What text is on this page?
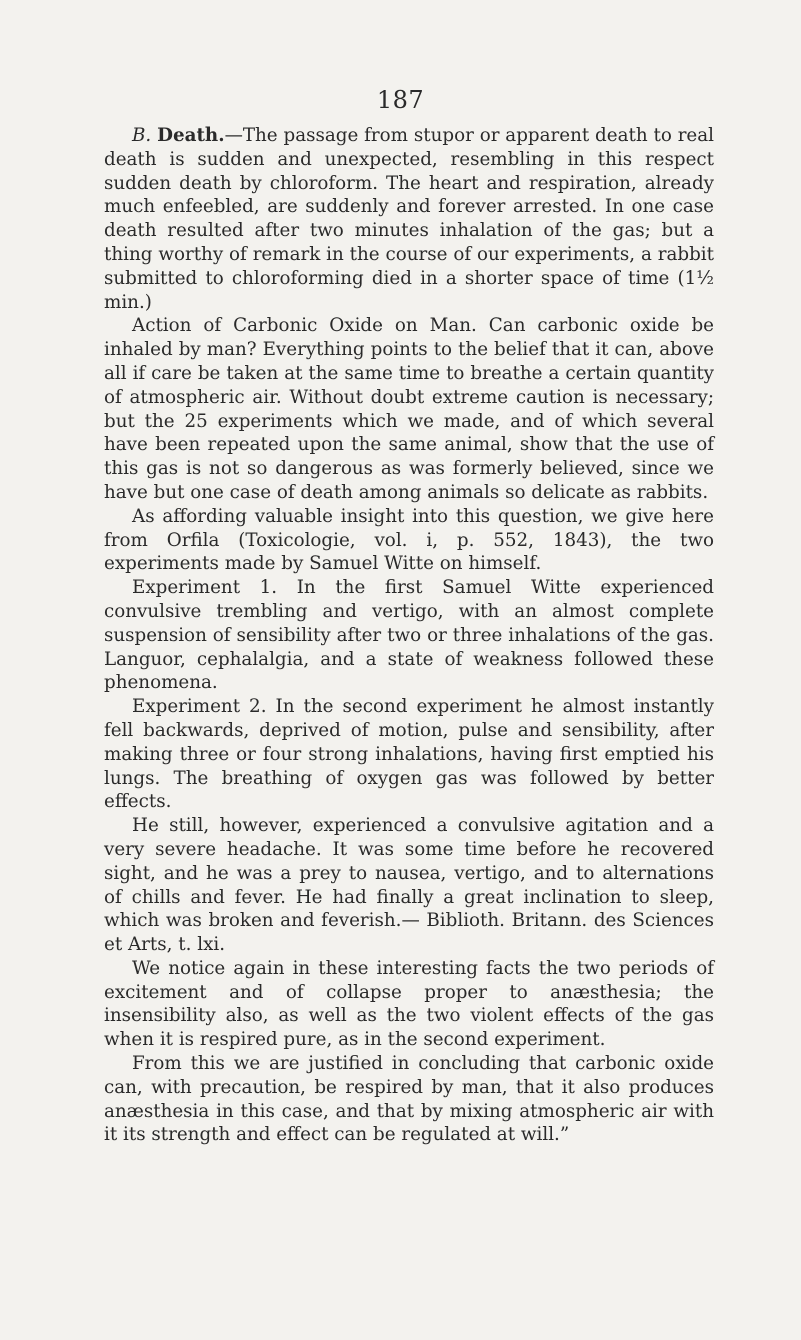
187

B. Death.—The passage from stupor or apparent death to real death is sudden and unexpected, resembling in this respect sudden death by chloroform. The heart and respiration, already much enfeebled, are suddenly and forever arrested. In one case death resulted after two minutes inhalation of the gas; but a thing worthy of remark in the course of our experiments, a rabbit submitted to chloroforming died in a shorter space of time (1½ min.)

Action of Carbonic Oxide on Man. Can carbonic oxide be inhaled by man? Everything points to the belief that it can, above all if care be taken at the same time to breathe a certain quantity of atmospheric air. Without doubt extreme caution is necessary; but the 25 experiments which we made, and of which several have been repeated upon the same animal, show that the use of this gas is not so dangerous as was formerly believed, since we have but one case of death among animals so delicate as rabbits.

As affording valuable insight into this question, we give here from Orfila (Toxicologie, vol. i, p. 552, 1843), the two experiments made by Samuel Witte on himself.

Experiment 1. In the first Samuel Witte experienced convulsive trembling and vertigo, with an almost complete suspension of sensibility after two or three inhalations of the gas. Languor, cephalalgia, and a state of weakness followed these phenomena.

Experiment 2. In the second experiment he almost instantly fell backwards, deprived of motion, pulse and sensibility, after making three or four strong inhalations, having first emptied his lungs. The breathing of oxygen gas was followed by better effects.

He still, however, experienced a convulsive agitation and a very severe headache. It was some time before he recovered sight, and he was a prey to nausea, vertigo, and to alternations of chills and fever. He had finally a great inclination to sleep, which was broken and feverish.— Biblioth. Britann. des Sciences et Arts, t. lxi.

We notice again in these interesting facts the two periods of excitement and of collapse proper to anæsthesia; the insensibility also, as well as the two violent effects of the gas when it is respired pure, as in the second experiment.

From this we are justified in concluding that carbonic oxide can, with precaution, be respired by man, that it also produces anæsthesia in this case, and that by mixing atmospheric air with it its strength and effect can be regulated at will.”
